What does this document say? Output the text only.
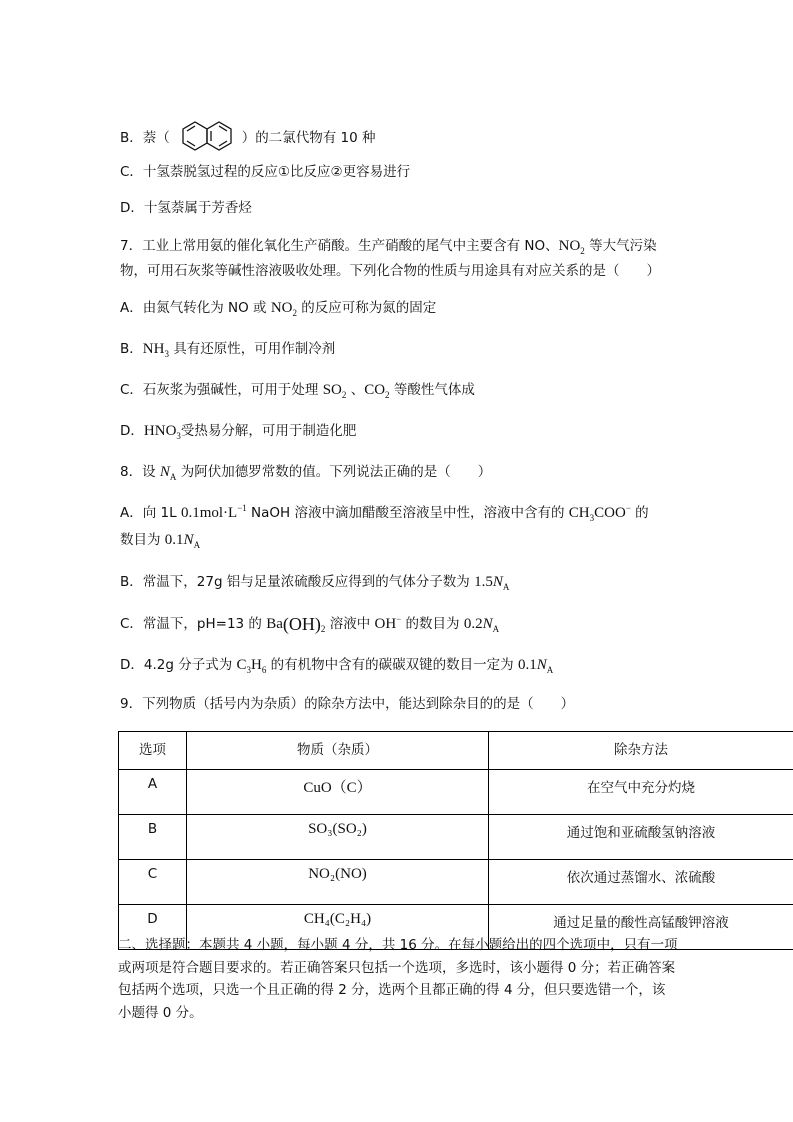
B．萘（	）的二氯代物有 10 种
C．十氢萘脱氢过程的反应①比反应②更容易进行
D．十氢萘属于芳香烃
7．工业上常用氨的催化氧化生产硝酸。生产硝酸的尾气中主要含有 NO、$NO_2$ 等大气污染
物，可用石灰浆等碱性溶液吸收处理。下列化合物的性质与用途具有对应关系的是（　　）
A．由氮气转化为 NO 或 $NO_2$ 的反应可称为氮的固定
B．$NH_3$ 具有还原性，可用作制冷剂
C．石灰浆为强碱性，可用于处理 $SO_2$ 、$CO_2$ 等酸性气体成
D．$HNO_3$受热易分解，可用于制造化肥
8．设 $N_A$ 为阿伏加德罗常数的值。下列说法正确的是（　　）
A．向 1L $0.1mol\cdot L^{-1}$ NaOH 溶液中滴加醋酸至溶液呈中性，溶液中含有的 $CH_3COO^-$ 的
数目为 $0.1N_A$
B．常温下，27g 铝与足量浓硫酸反应得到的气体分子数为 $1.5N_A$
C．常温下，pH=13 的 $Ba(OH)_2$ 溶液中 OH− 的数目为 $0.2N_A$
D．4.2g 分子式为 $C_3H_6$ 的有机物中含有的碳碳双键的数目一定为 $0.1N_A$
9．下列物质（括号内为杂质）的除杂方法中，能达到除杂目的的是（　　）
选项	物质（杂质）	除杂方法
A	CuO（C）	在空气中充分灼烧
B	SO₃(SO₂)	通过饱和亚硫酸氢钠溶液
C	NO₂(NO)	依次通过蒸馏水、浓硫酸
D	CH₄(C₂H₄)	通过足量的酸性高锰酸钾溶液
二、选择题：本题共 4 小题，每小题 4 分，共 16 分。在每小题给出的四个选项中，只有一项或两项是符合题目要求的。若正确答案只包括一个选项，多选时，该小题得 0 分；若正确答案包括两个选项，只选一个且正确的得 2 分，选两个且都正确的得 4 分，但只要选错一个，该小题得 0 分。
